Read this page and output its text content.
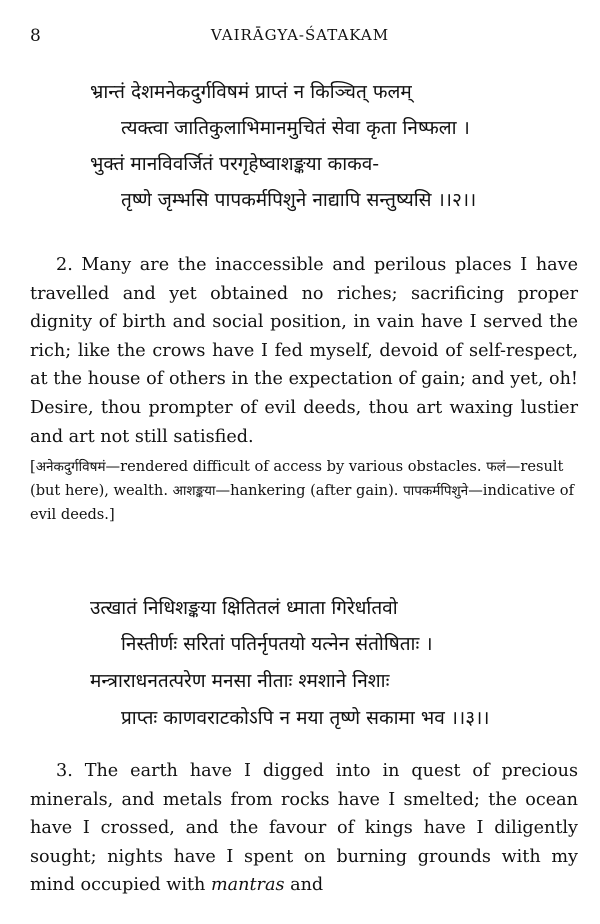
8	VAIRĀGYA-ŚATAKAM
भ्रान्तं देशमनेकदुर्गविषमं प्राप्तं न किञ्चित् फलम्
त्यक्त्वा जातिकुलाभिमानमुचितं सेवा कृता निष्फला ।
भुक्तं मानविवर्जितं परगृहेष्वाशङ्कया काकव-
तृष्णे जृम्भसि पापकर्मपिशुने नाद्यापि सन्तुष्यसि ।।२।।

2. Many are the inaccessible and perilous places I have travelled and yet obtained no riches; sacrificing proper dignity of birth and social position, in vain have I served the rich; like the crows have I fed myself, devoid of self-respect, at the house of others in the expectation of gain; and yet, oh! Desire, thou prompter of evil deeds, thou art waxing lustier and art not still satisfied.

[अनेकदुर्गविषमं—rendered difficult of access by various obstacles. फलं—result (but here), wealth. आशङ्कया—hankering (after gain). पापकर्मपिशुने—indicative of evil deeds.]

उत्खातं निधिशङ्कया क्षितितलं ध्माता गिरेर्धातवो
निस्तीर्णः सरितां पतिर्नृपतयो यत्नेन संतोषिताः ।
मन्त्राराधनतत्परेण मनसा नीताः श्मशाने निशाः
प्राप्तः काणवराटकोऽपि न मया तृष्णे सकामा भव ।।३।।

3. The earth have I digged into in quest of precious minerals, and metals from rocks have I smelted; the ocean have I crossed, and the favour of kings have I diligently sought; nights have I spent on burning grounds with my mind occupied with mantras and
